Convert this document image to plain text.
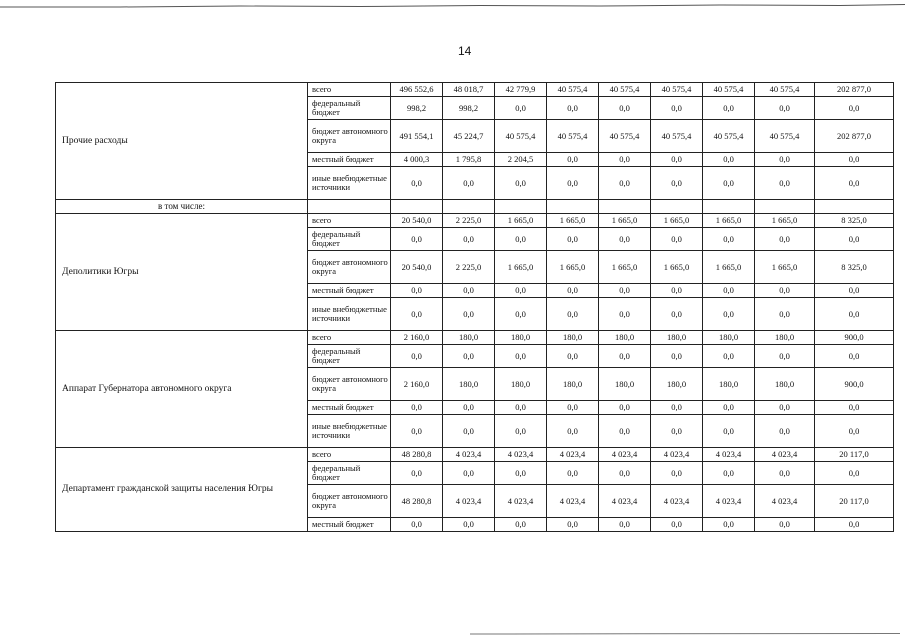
14
Прочие расходы	всего	496 552,6	48 018,7	42 779,9	40 575,4	40 575,4	40 575,4	40 575,4	40 575,4	202 877,0
	федеральный бюджет	998,2	998,2	0,0	0,0	0,0	0,0	0,0	0,0	0,0
	бюджет автономного округа	491 554,1	45 224,7	40 575,4	40 575,4	40 575,4	40 575,4	40 575,4	40 575,4	202 877,0
	местный бюджет	4 000,3	1 795,8	2 204,5	0,0	0,0	0,0	0,0	0,0	0,0
	иные внебюджетные источники	0,0	0,0	0,0	0,0	0,0	0,0	0,0	0,0	0,0
в том числе:										
Деполитики Югры	всего	20 540,0	2 225,0	1 665,0	1 665,0	1 665,0	1 665,0	1 665,0	1 665,0	8 325,0
	федеральный бюджет	0,0	0,0	0,0	0,0	0,0	0,0	0,0	0,0	0,0
	бюджет автономного округа	20 540,0	2 225,0	1 665,0	1 665,0	1 665,0	1 665,0	1 665,0	1 665,0	8 325,0
	местный бюджет	0,0	0,0	0,0	0,0	0,0	0,0	0,0	0,0	0,0
	иные внебюджетные источники	0,0	0,0	0,0	0,0	0,0	0,0	0,0	0,0	0,0
Аппарат Губернатора автономного округа	всего	2 160,0	180,0	180,0	180,0	180,0	180,0	180,0	180,0	900,0
	федеральный бюджет	0,0	0,0	0,0	0,0	0,0	0,0	0,0	0,0	0,0
	бюджет автономного округа	2 160,0	180,0	180,0	180,0	180,0	180,0	180,0	180,0	900,0
	местный бюджет	0,0	0,0	0,0	0,0	0,0	0,0	0,0	0,0	0,0
	иные внебюджетные источники	0,0	0,0	0,0	0,0	0,0	0,0	0,0	0,0	0,0
Департамент гражданской защиты населения Югры	всего	48 280,8	4 023,4	4 023,4	4 023,4	4 023,4	4 023,4	4 023,4	4 023,4	20 117,0
	федеральный бюджет	0,0	0,0	0,0	0,0	0,0	0,0	0,0	0,0	0,0
	бюджет автономного округа	48 280,8	4 023,4	4 023,4	4 023,4	4 023,4	4 023,4	4 023,4	4 023,4	20 117,0
	местный бюджет	0,0	0,0	0,0	0,0	0,0	0,0	0,0	0,0	0,0
